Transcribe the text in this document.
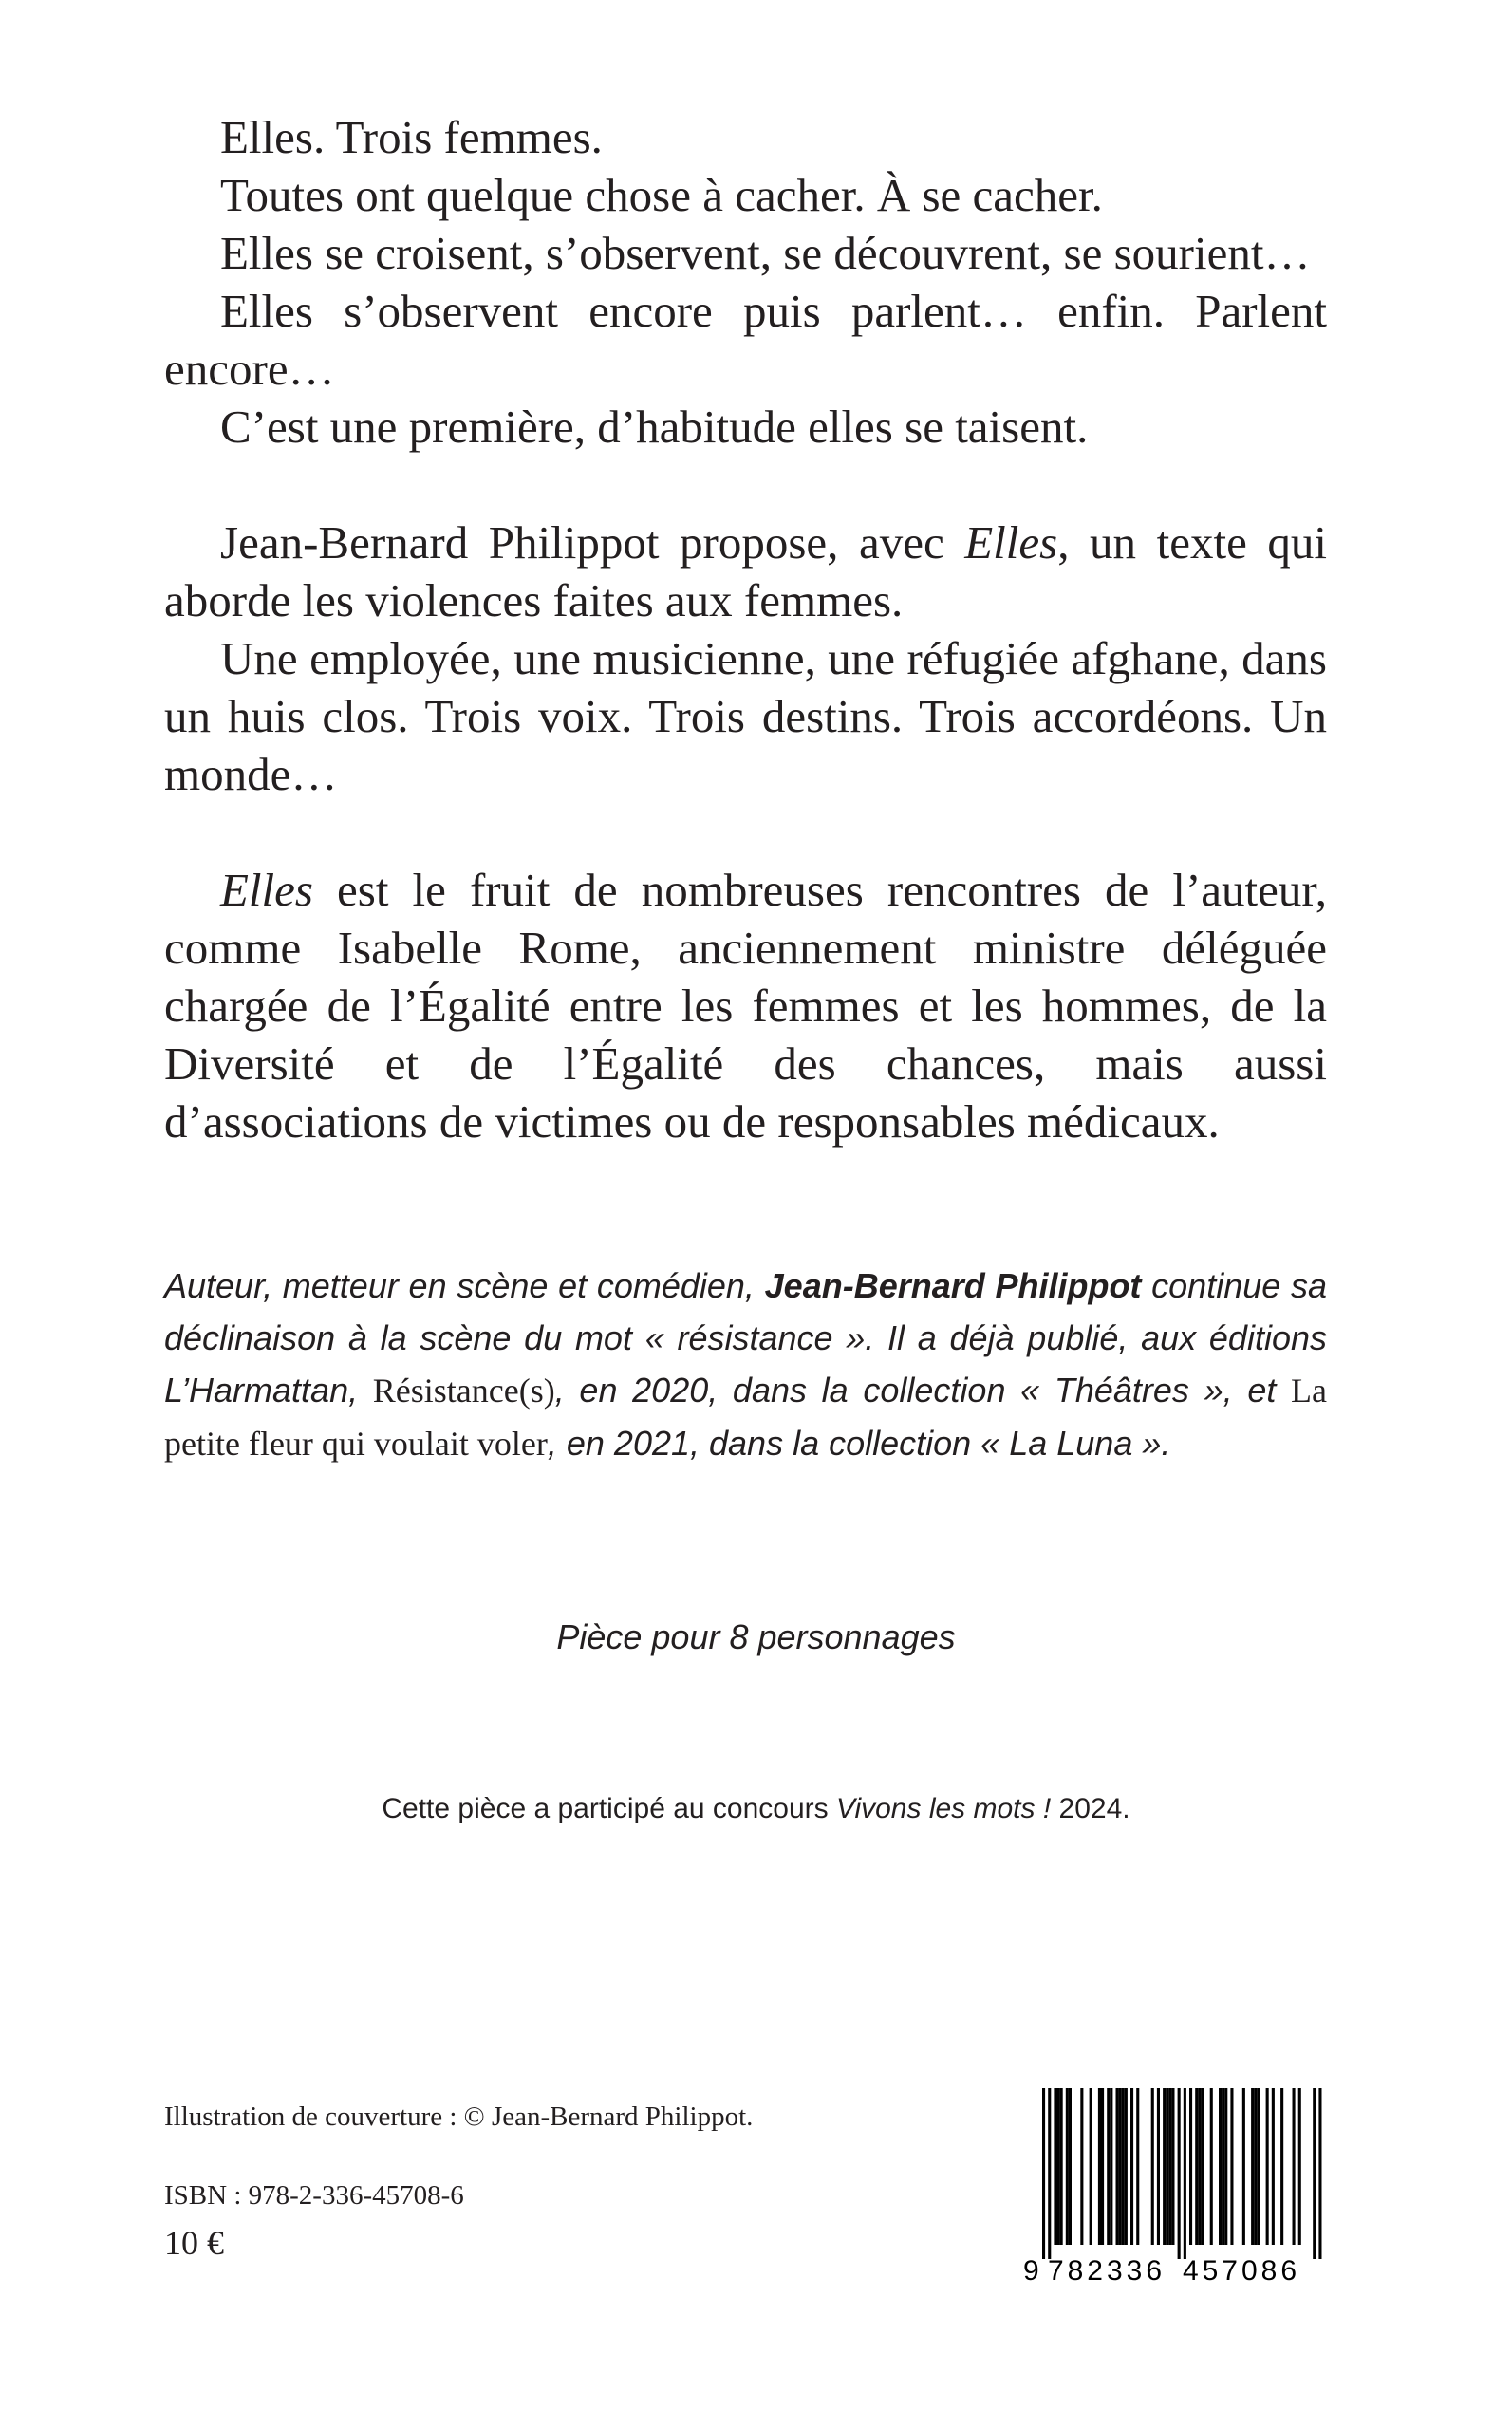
Elles. Trois femmes.

Toutes ont quelque chose à cacher. À se cacher.

Elles se croisent, s’observent, se découvrent, se sourient…

Elles s’observent encore puis parlent… enfin. Parlent encore…

C’est une première, d’habitude elles se taisent.

Jean-Bernard Philippot propose, avec Elles, un texte qui aborde les violences faites aux femmes.

Une employée, une musicienne, une réfugiée afghane, dans un huis clos. Trois voix. Trois destins. Trois accordéons. Un monde…

Elles est le fruit de nombreuses rencontres de l’auteur, comme Isabelle Rome, anciennement ministre déléguée chargée de l’Égalité entre les femmes et les hommes, de la Diversité et de l’Égalité des chances, mais aussi d’associations de victimes ou de responsables médicaux.

Auteur, metteur en scène et comédien, Jean-Bernard Philippot continue sa déclinaison à la scène du mot « résistance ». Il a déjà publié, aux éditions L’Harmattan, Résistance(s), en 2020, dans la collection « Théâtres », et La petite fleur qui voulait voler, en 2021, dans la collection « La Luna ».
Pièce pour 8 personnages
Cette pièce a participé au concours Vivons les mots ! 2024.
Illustration de couverture : © Jean-Bernard Philippot.
ISBN : 978-2-336-45708-6
10 €
9 782336 457086
